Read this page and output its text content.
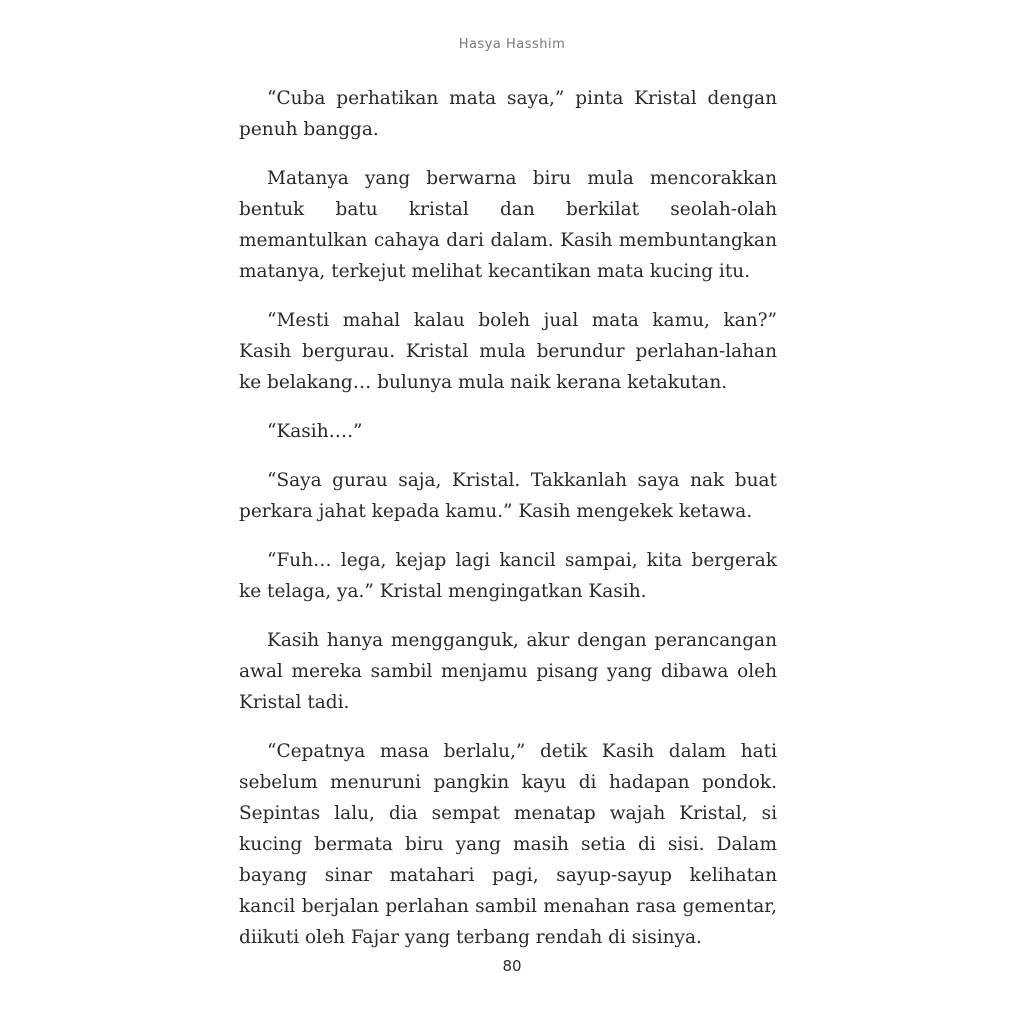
Hasya Hasshim

“Cuba perhatikan mata saya,” pinta Kristal dengan penuh bangga.

Matanya yang berwarna biru mula mencorakkan bentuk batu kristal dan berkilat seolah-olah memantulkan cahaya dari dalam. Kasih membuntangkan matanya, terkejut melihat kecantikan mata kucing itu.

“Mesti mahal kalau boleh jual mata kamu, kan?” Kasih bergurau. Kristal mula berundur perlahan-lahan ke belakang… bulunya mula naik kerana ketakutan.

“Kasih….”

“Saya gurau saja, Kristal. Takkanlah saya nak buat perkara jahat kepada kamu.” Kasih mengekek ketawa.

“Fuh… lega, kejap lagi kancil sampai, kita bergerak ke telaga, ya.” Kristal mengingatkan Kasih.

Kasih hanya mengganguk, akur dengan perancangan awal mereka sambil menjamu pisang yang dibawa oleh Kristal tadi.

“Cepatnya masa berlalu,” detik Kasih dalam hati sebelum menuruni pangkin kayu di hadapan pondok. Sepintas lalu, dia sempat menatap wajah Kristal, si kucing bermata biru yang masih setia di sisi. Dalam bayang sinar matahari pagi, sayup-sayup kelihatan kancil berjalan perlahan sambil menahan rasa gementar, diikuti oleh Fajar yang terbang rendah di sisinya.

80
